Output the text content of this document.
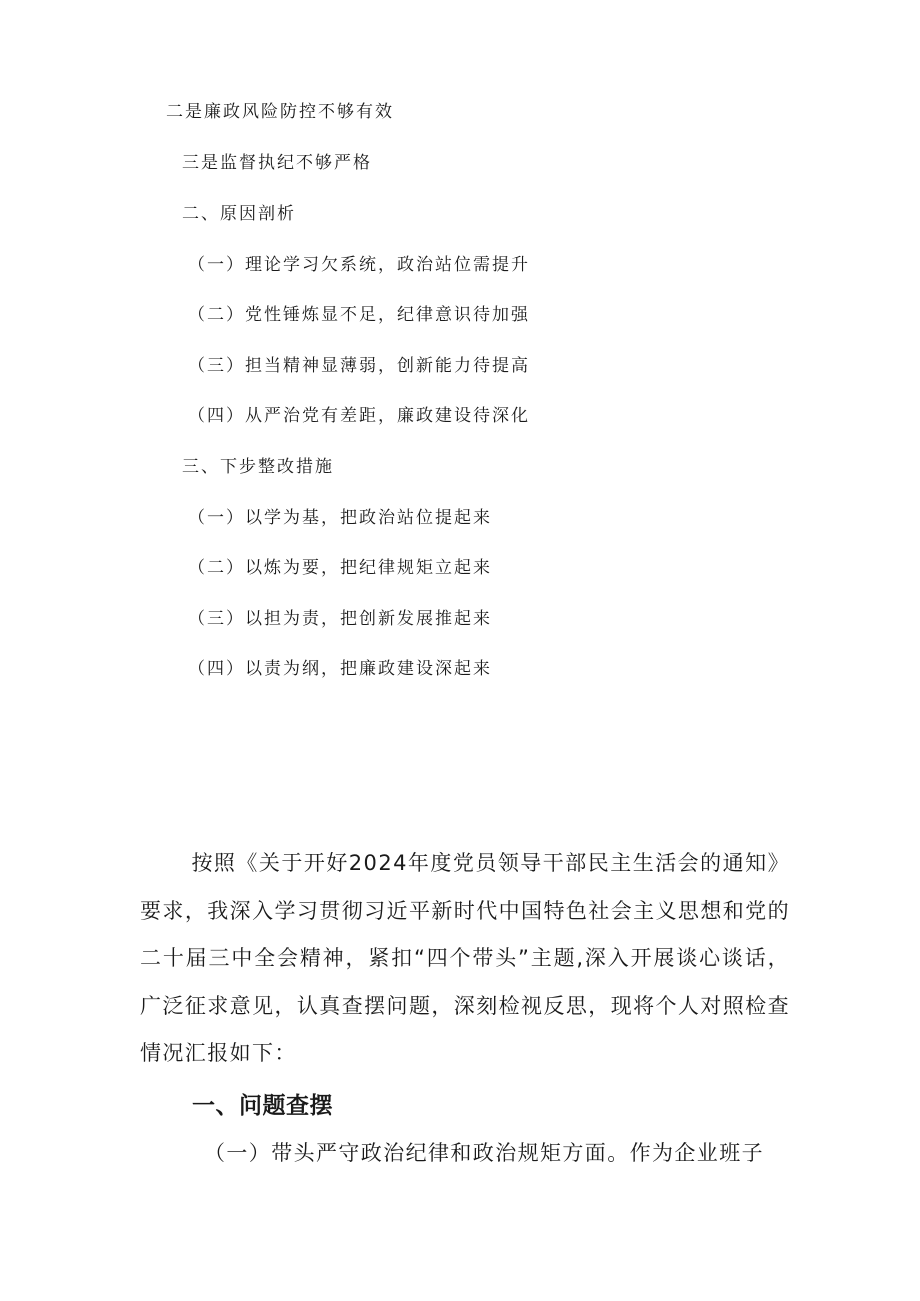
二是廉政风险防控不够有效
三是监督执纪不够严格
二、原因剖析
（一）理论学习欠系统，政治站位需提升
（二）党性锤炼显不足，纪律意识待加强
（三）担当精神显薄弱，创新能力待提高
（四）从严治党有差距，廉政建设待深化
三、下步整改措施
（一）以学为基，把政治站位提起来
（二）以炼为要，把纪律规矩立起来
（三）以担为责，把创新发展推起来
（四）以责为纲，把廉政建设深起来

按照《关于开好2024年度党员领导干部民主生活会的通知》要求，我深入学习贯彻习近平新时代中国特色社会主义思想和党的二十届三中全会精神，紧扣“四个带头”主题,深入开展谈心谈话，广泛征求意见，认真查摆问题，深刻检视反思，现将个人对照检查情况汇报如下：

一、问题查摆
（一）带头严守政治纪律和政治规矩方面。作为企业班子
